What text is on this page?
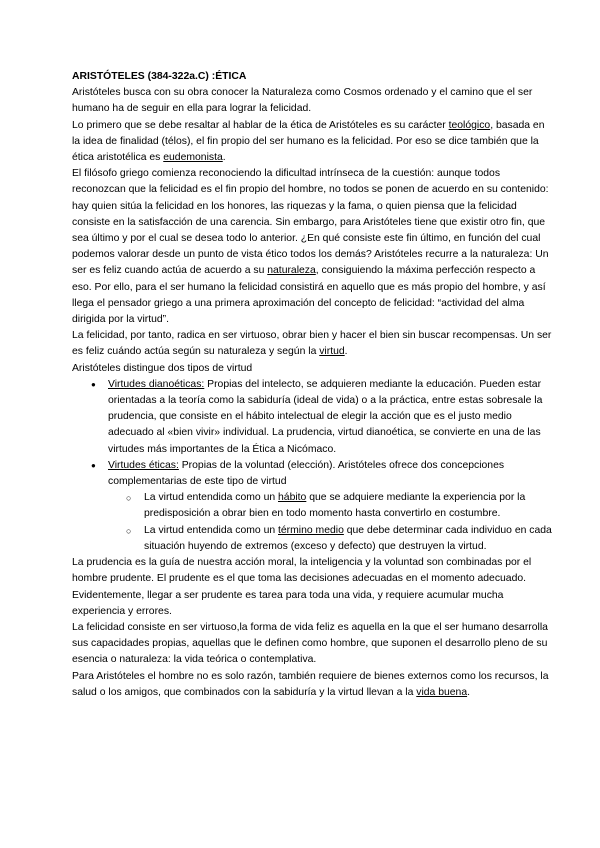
ARISTÓTELES (384-322a.C) :ÉTICA

Aristóteles busca con su obra conocer la Naturaleza como Cosmos ordenado y el camino que el ser humano ha de seguir en ella para lograr la felicidad.

Lo primero que se debe resaltar al hablar de la ética de Aristóteles es su carácter teológico, basada en la idea de finalidad (télos), el fin propio del ser humano es la felicidad. Por eso se dice también que la ética aristotélica es eudemonista.

El filósofo griego comienza reconociendo la dificultad intrínseca de la cuestión: aunque todos reconozcan que la felicidad es el fin propio del hombre, no todos se ponen de acuerdo en su contenido: hay quien sitúa la felicidad en los honores, las riquezas y la fama, o quien piensa que la felicidad consiste en la satisfacción de una carencia. Sin embargo, para Aristóteles tiene que existir otro fin, que sea último y por el cual se desea todo lo anterior. ¿En qué consiste este fin último, en función del cual podemos valorar desde un punto de vista ético todos los demás? Aristóteles recurre a la naturaleza: Un ser es feliz cuando actúa de acuerdo a su naturaleza, consiguiendo la máxima perfección respecto a eso. Por ello, para el ser humano la felicidad consistirá en aquello que es más propio del hombre, y así llega el pensador griego a una primera aproximación del concepto de felicidad: “actividad del alma dirigida por la virtud”.

La felicidad, por tanto, radica en ser virtuoso, obrar bien y hacer el bien sin buscar recompensas. Un ser es feliz cuándo actúa según su naturaleza y según la virtud.

Aristóteles distingue dos tipos de virtud

● Virtudes dianoéticas: Propias del intelecto, se adquieren mediante la educación. Pueden estar orientadas a la teoría como la sabiduría (ideal de vida) o a la práctica, entre estas sobresale la prudencia, que consiste en el hábito intelectual de elegir la acción que es el justo medio adecuado al «bien vivir» individual. La prudencia, virtud dianoética, se convierte en una de las virtudes más importantes de la Ética a Nicómaco.
● Virtudes éticas: Propias de la voluntad (elección). Aristóteles ofrece dos concepciones complementarias de este tipo de virtud
○ La virtud entendida como un hábito que se adquiere mediante la experiencia por la predisposición a obrar bien en todo momento hasta convertirlo en costumbre.
○ La virtud entendida como un término medio que debe determinar cada individuo en cada situación huyendo de extremos (exceso y defecto) que destruyen la virtud.

La prudencia es la guía de nuestra acción moral, la inteligencia y la voluntad son combinadas por el hombre prudente. El prudente es el que toma las decisiones adecuadas en el momento adecuado. Evidentemente, llegar a ser prudente es tarea para toda una vida, y requiere acumular mucha experiencia y errores.

La felicidad consiste en ser virtuoso,la forma de vida feliz es aquella en la que el ser humano desarrolla sus capacidades propias, aquellas que le definen como hombre, que suponen el desarrollo pleno de su esencia o naturaleza: la vida teórica o contemplativa.

Para Aristóteles el hombre no es solo razón, también requiere de bienes externos como los recursos, la salud o los amigos, que combinados con la sabiduría y la virtud llevan a la vida buena.
